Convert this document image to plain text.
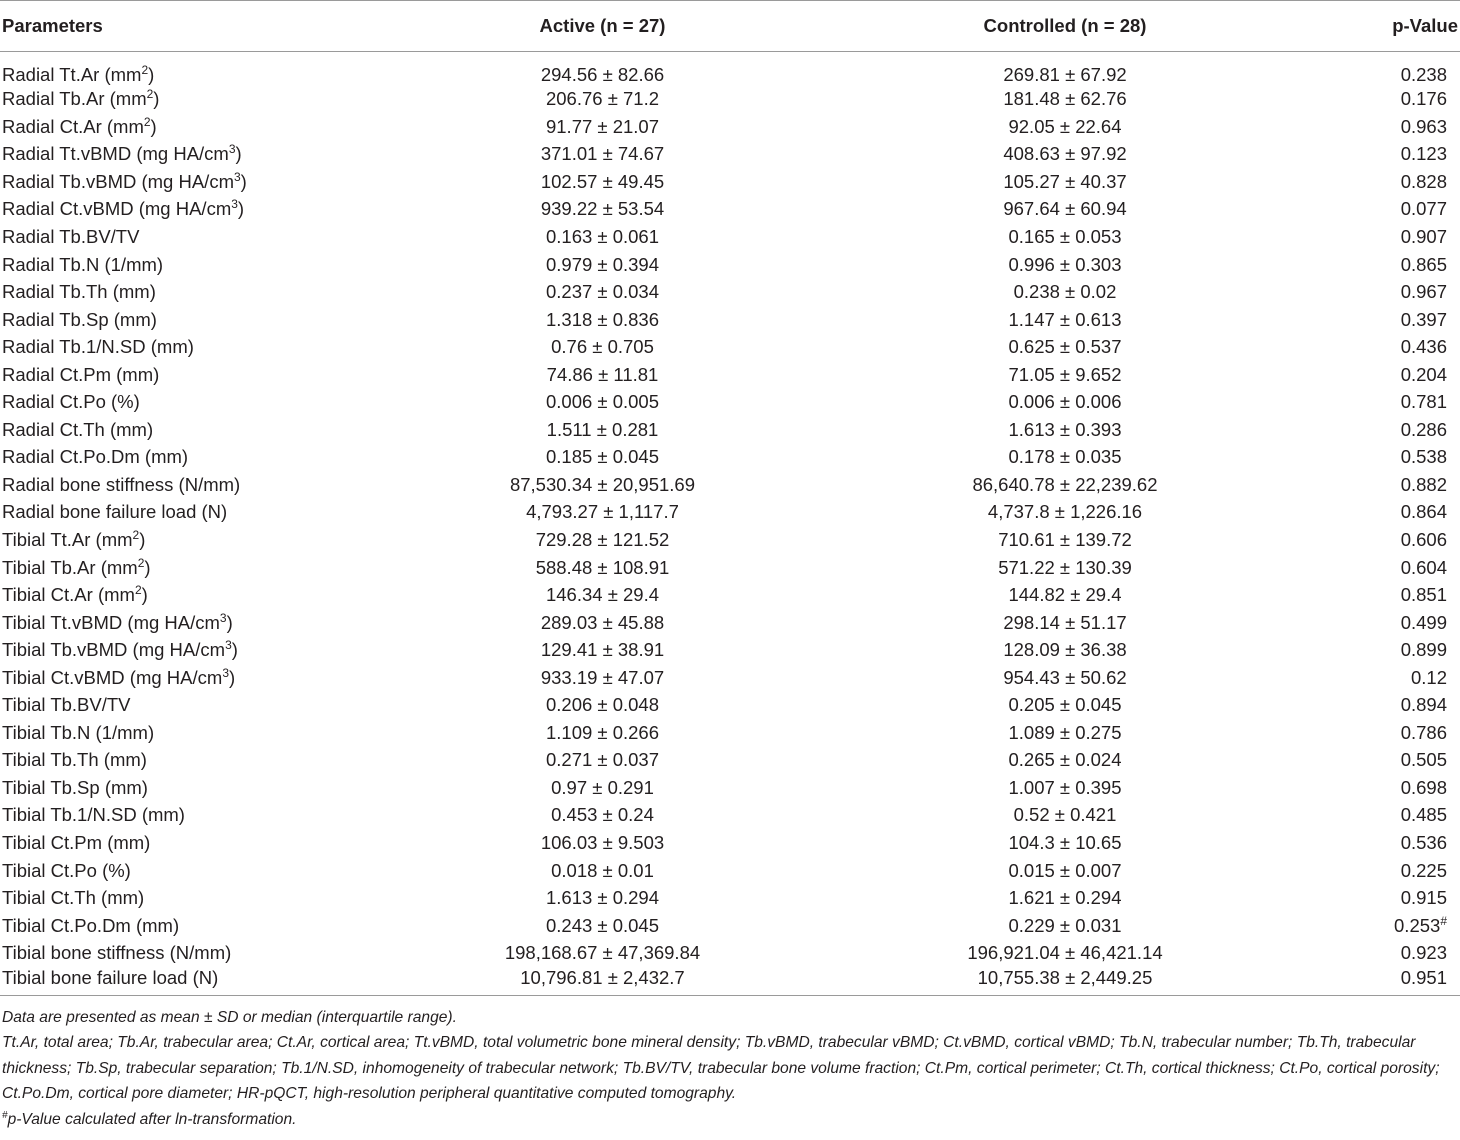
Parameters	Active (n = 27)	Controlled (n = 28)	p-Value
Radial Tt.Ar $(mm^2)$	294.56 ± 82.66	269.81 ± 67.92	0.238
Radial Tb.Ar $(mm^2)$	206.76 ± 71.2	181.48 ± 62.76	0.176
Radial Ct.Ar $(mm^2)$	91.77 ± 21.07	92.05 ± 22.64	0.963
Radial Tt.vBMD (mg $HA/cm^3$)	371.01 ± 74.67	408.63 ± 97.92	0.123
Radial Tb.vBMD (mg $HA/cm^3$)	102.57 ± 49.45	105.27 ± 40.37	0.828
Radial Ct.vBMD (mg $HA/cm^3$)	939.22 ± 53.54	967.64 ± 60.94	0.077
Radial Tb.BV/TV	0.163 ± 0.061	0.165 ± 0.053	0.907
Radial Tb.N (1/mm)	0.979 ± 0.394	0.996 ± 0.303	0.865
Radial Tb.Th (mm)	0.237 ± 0.034	0.238 ± 0.02	0.967
Radial Tb.Sp (mm)	1.318 ± 0.836	1.147 ± 0.613	0.397
Radial Tb.1/N.SD (mm)	0.76 ± 0.705	0.625 ± 0.537	0.436
Radial Ct.Pm (mm)	74.86 ± 11.81	71.05 ± 9.652	0.204
Radial Ct.Po (%)	0.006 ± 0.005	0.006 ± 0.006	0.781
Radial Ct.Th (mm)	1.511 ± 0.281	1.613 ± 0.393	0.286
Radial Ct.Po.Dm (mm)	0.185 ± 0.045	0.178 ± 0.035	0.538
Radial bone stiffness (N/mm)	87,530.34 ± 20,951.69	86,640.78 ± 22,239.62	0.882
Radial bone failure load (N)	4,793.27 ± 1,117.7	4,737.8 ± 1,226.16	0.864
Tibial Tt.Ar $(mm^2)$	729.28 ± 121.52	710.61 ± 139.72	0.606
Tibial Tb.Ar $(mm^2)$	588.48 ± 108.91	571.22 ± 130.39	0.604
Tibial Ct.Ar $(mm^2)$	146.34 ± 29.4	144.82 ± 29.4	0.851
Tibial Tt.vBMD (mg $HA/cm^3$)	289.03 ± 45.88	298.14 ± 51.17	0.499
Tibial Tb.vBMD (mg $HA/cm^3$)	129.41 ± 38.91	128.09 ± 36.38	0.899
Tibial Ct.vBMD (mg $HA/cm^3$)	933.19 ± 47.07	954.43 ± 50.62	0.12
Tibial Tb.BV/TV	0.206 ± 0.048	0.205 ± 0.045	0.894
Tibial Tb.N (1/mm)	1.109 ± 0.266	1.089 ± 0.275	0.786
Tibial Tb.Th (mm)	0.271 ± 0.037	0.265 ± 0.024	0.505
Tibial Tb.Sp (mm)	0.97 ± 0.291	1.007 ± 0.395	0.698
Tibial Tb.1/N.SD (mm)	0.453 ± 0.24	0.52 ± 0.421	0.485
Tibial Ct.Pm (mm)	106.03 ± 9.503	104.3 ± 10.65	0.536
Tibial Ct.Po (%)	0.018 ± 0.01	0.015 ± 0.007	0.225
Tibial Ct.Th (mm)	1.613 ± 0.294	1.621 ± 0.294	0.915
Tibial Ct.Po.Dm (mm)	0.243 ± 0.045	0.229 ± 0.031	0.253#
Tibial bone stiffness (N/mm)	198,168.67 ± 47,369.84	196,921.04 ± 46,421.14	0.923
Tibial bone failure load (N)	10,796.81 ± 2,432.7	10,755.38 ± 2,449.25	0.951

Data are presented as mean ± SD or median (interquartile range).

Tt.Ar, total area; Tb.Ar, trabecular area; Ct.Ar, cortical area; Tt.vBMD, total volumetric bone mineral density; Tb.vBMD, trabecular vBMD; Ct.vBMD, cortical vBMD; Tb.N, trabecular number; Tb.Th, trabecular thickness; Tb.Sp, trabecular separation; Tb.1/N.SD, inhomogeneity of trabecular network; Tb.BV/TV, trabecular bone volume fraction; Ct.Pm, cortical perimeter; Ct.Th, cortical thickness; Ct.Po, cortical porosity; Ct.Po.Dm, cortical pore diameter; HR-pQCT, high-resolution peripheral quantitative computed tomography.

#p-Value calculated after ln-transformation.
